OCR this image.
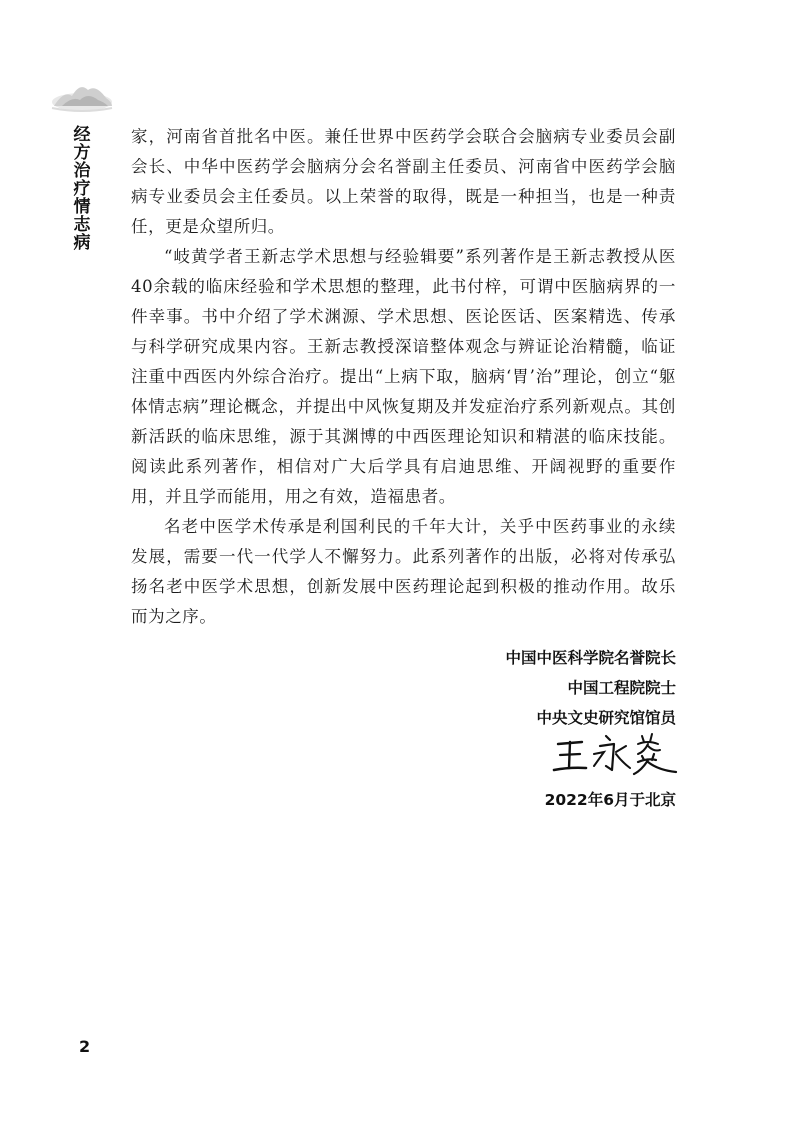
经方治疗情志病

家，河南省首批名中医。兼任世界中医药学会联合会脑病专业委员会副会长、中华中医药学会脑病分会名誉副主任委员、河南省中医药学会脑病专业委员会主任委员。以上荣誉的取得，既是一种担当，也是一种责任，更是众望所归。

“岐黄学者王新志学术思想与经验辑要”系列著作是王新志教授从医40余载的临床经验和学术思想的整理，此书付梓，可谓中医脑病界的一件幸事。书中介绍了学术渊源、学术思想、医论医话、医案精选、传承与科学研究成果内容。王新志教授深谙整体观念与辨证论治精髓，临证注重中西医内外综合治疗。提出“上病下取，脑病‘胃’治”理论，创立“躯体情志病”理论概念，并提出中风恢复期及并发症治疗系列新观点。其创新活跃的临床思维，源于其渊博的中西医理论知识和精湛的临床技能。阅读此系列著作，相信对广大后学具有启迪思维、开阔视野的重要作用，并且学而能用，用之有效，造福患者。

名老中医学术传承是利国利民的千年大计，关乎中医药事业的永续发展，需要一代一代学人不懈努力。此系列著作的出版，必将对传承弘扬名老中医学术思想，创新发展中医药理论起到积极的推动作用。故乐而为之序。

中国中医科学院名誉院长
中国工程院院士
中央文史研究馆馆员
2022年6月于北京
2
